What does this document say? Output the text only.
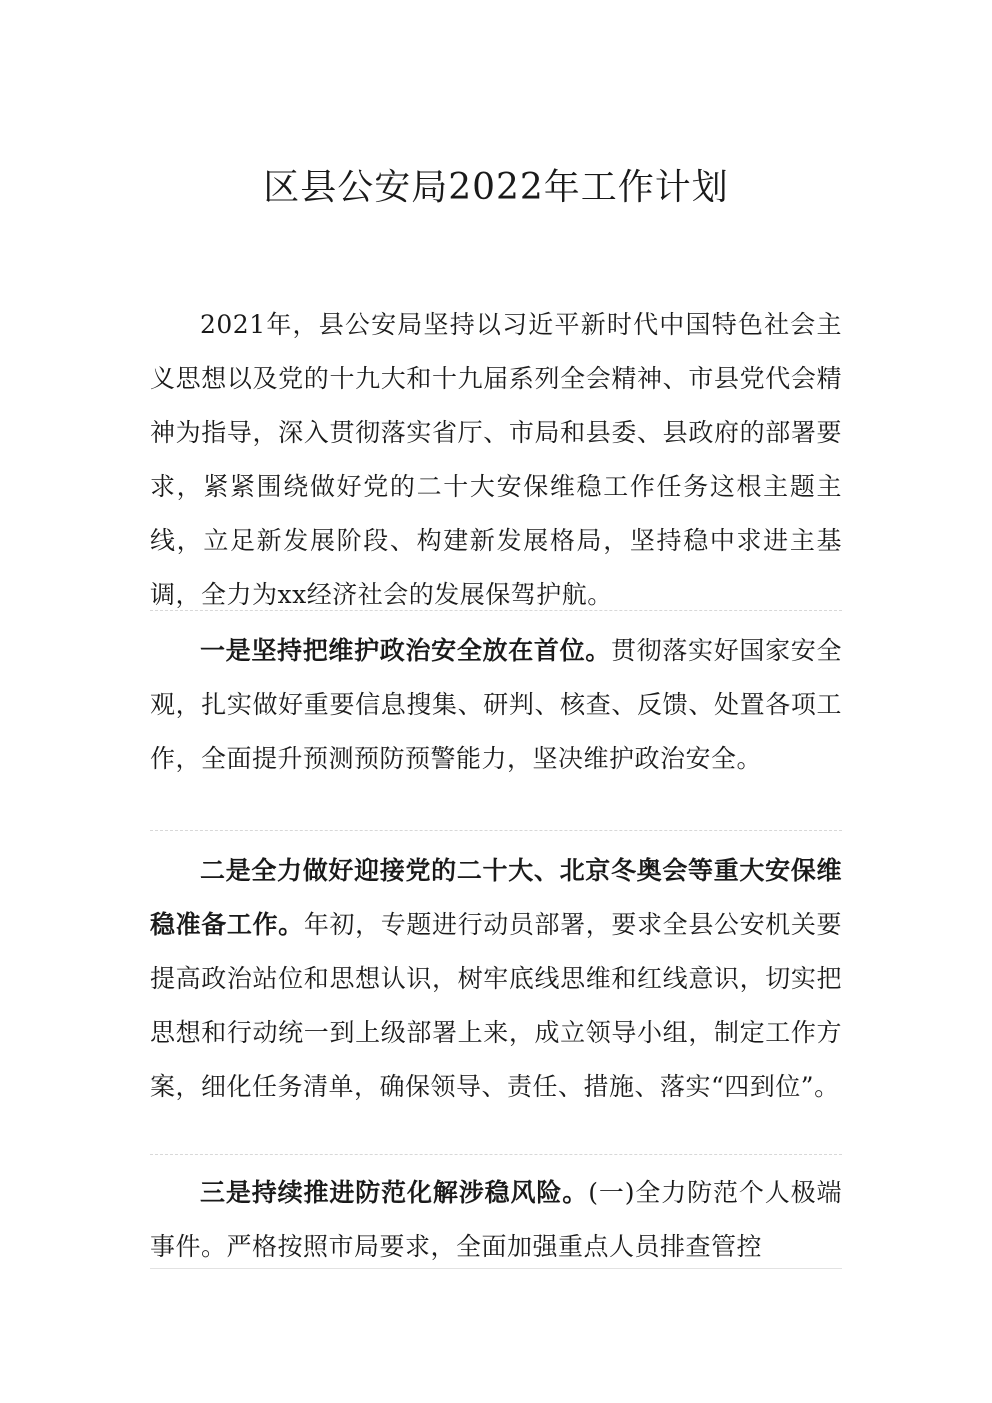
区县公安局2022年工作计划

2021年，县公安局坚持以习近平新时代中国特色社会主义思想以及党的十九大和十九届系列全会精神、市县党代会精神为指导，深入贯彻落实省厅、市局和县委、县政府的部署要求，紧紧围绕做好党的二十大安保维稳工作任务这根主题主线，立足新发展阶段、构建新发展格局，坚持稳中求进主基调，全力为xx经济社会的发展保驾护航。

一是坚持把维护政治安全放在首位。贯彻落实好国家安全观，扎实做好重要信息搜集、研判、核查、反馈、处置各项工作，全面提升预测预防预警能力，坚决维护政治安全。

二是全力做好迎接党的二十大、北京冬奥会等重大安保维稳准备工作。年初，专题进行动员部署，要求全县公安机关要提高政治站位和思想认识，树牢底线思维和红线意识，切实把思想和行动统一到上级部署上来，成立领导小组，制定工作方案，细化任务清单，确保领导、责任、措施、落实“四到位”。

三是持续推进防范化解涉稳风险。(一)全力防范个人极端事件。严格按照市局要求，全面加强重点人员排查管控
